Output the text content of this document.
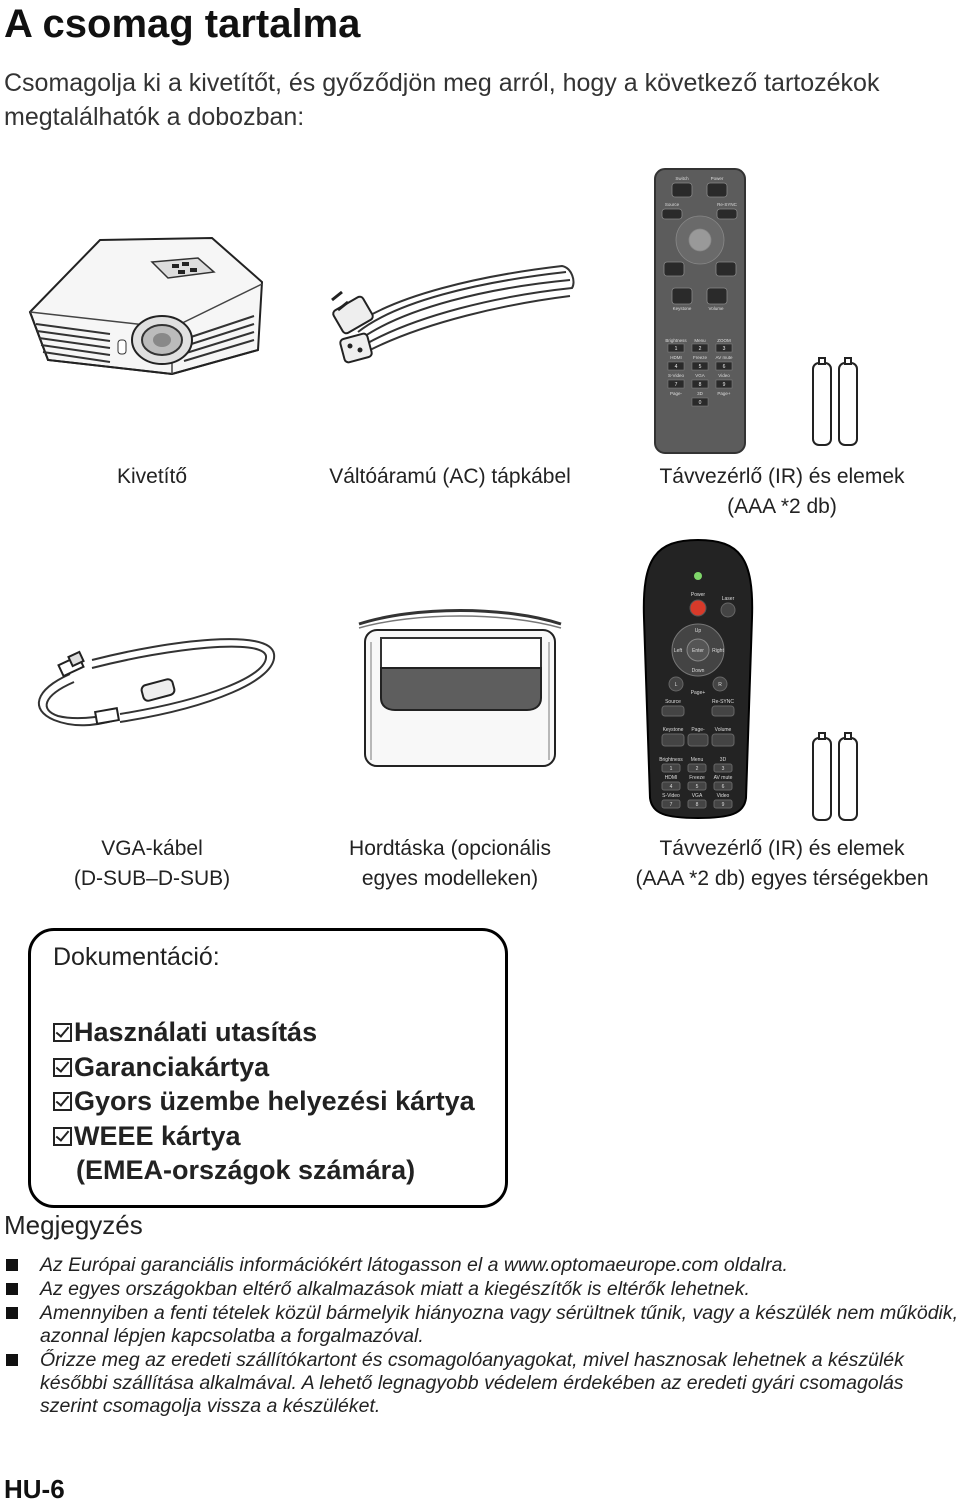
A csomag tartalma

Csomagolja ki a kivetítőt, és győződjön meg arról, hogy a következő tartozékok megtalálhatók a dobozban:

Switch	Power
Source	Re-SYNC
Keystone	Volume
Brightness Menu	ZOOM
HDMI Freeze AV mute
S-Video	VGA	Video
Page-	3D	Page+
1	2	3
4	5	6
7	8	9
0
Kivetítő	Váltóáramú (AC) tápkábel	Távvezérlő (IR) és elemek
(AAA *2 db)
Power
Laser
Up
Enter
Left	Right
Down
L	R
Page+
Source	Re-SYNC
Keystone Page- Volume
Brightness Menu	3D
HDMI Freeze AV mute
S-Video VGA	Video
1	2	3
4	5	6
7	8	9
VGA-kábel
(D-SUB–D-SUB)
Hordtáska (opcionális
egyes modelleken)
Távvezérlő (IR) és elemek
(AAA *2 db) egyes térségekben
Dokumentáció:
Használati utasítás
Garanciakártya
Gyors üzembe helyezési kártya
WEEE kártya
(EMEA-országok számára)
Megjegyzés
Az Európai garanciális információkért látogasson el a www.optomaeurope.com oldalra.
Az egyes országokban eltérő alkalmazások miatt a kiegészítők is eltérők lehetnek.
Amennyiben a fenti tételek közül bármelyik hiányozna vagy sérültnek tűnik, vagy a készülék nem működik, azonnal lépjen kapcsolatba a forgalmazóval.
Őrizze meg az eredeti szállítókartont és csomagolóanyagokat, mivel hasznosak lehetnek a készülék későbbi szállítása alkalmával. A lehető legnagyobb védelem érdekében az eredeti gyári csomagolás szerint csomagolja vissza a készüléket.
HU-6
